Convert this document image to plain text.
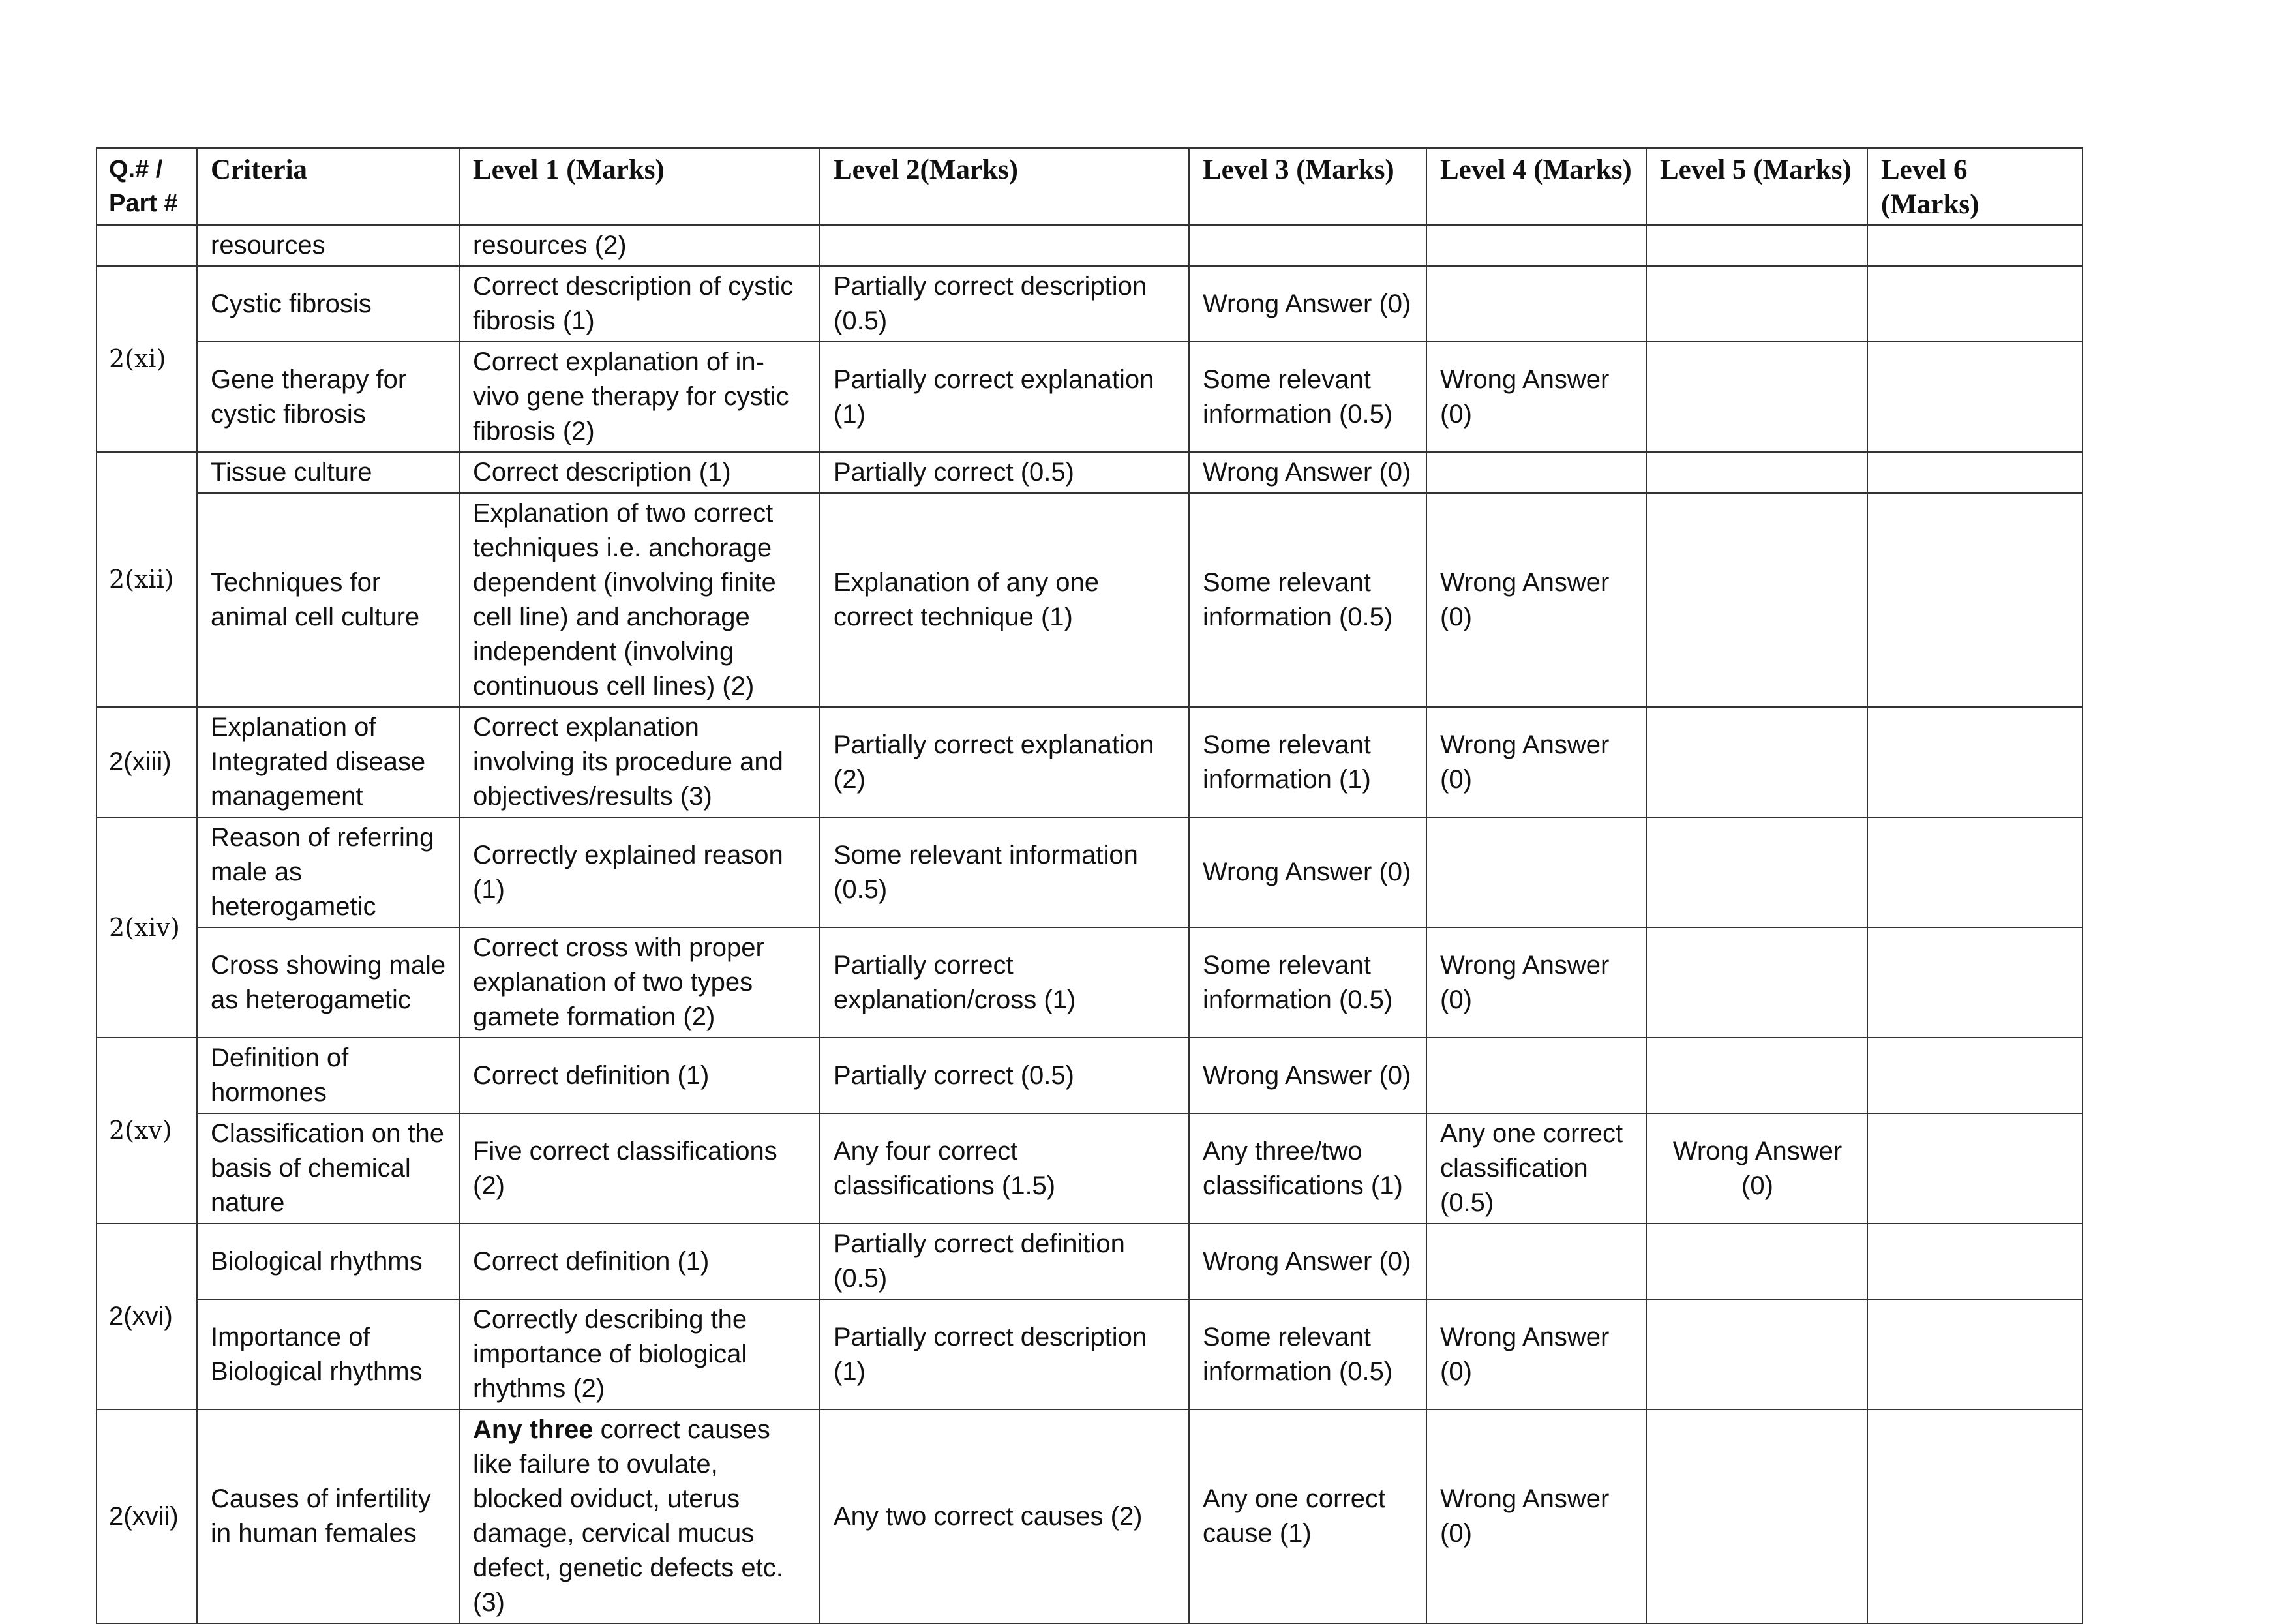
Q.# / Part #	Criteria	Level 1 (Marks)	Level 2(Marks)	Level 3 (Marks)	Level 4 (Marks)	Level 5 (Marks)	Level 6 (Marks)
	resources	resources (2)					
2(xi)	Cystic fibrosis	Correct description of cystic fibrosis (1)	Partially correct description (0.5)	Wrong Answer (0)			
	Gene therapy for cystic fibrosis	Correct explanation of in-vivo gene therapy for cystic fibrosis (2)	Partially correct explanation (1)	Some relevant information (0.5)	Wrong Answer (0)		
2(xii)	Tissue culture	Correct description (1)	Partially correct (0.5)	Wrong Answer (0)			
	Techniques for animal cell culture	Explanation of two correct techniques i.e. anchorage dependent (involving finite cell line) and anchorage independent (involving continuous cell lines) (2)	Explanation of any one correct technique (1)	Some relevant information (0.5)	Wrong Answer (0)		
2(xiii)	Explanation of Integrated disease management	Correct explanation involving its procedure and objectives/results (3)	Partially correct explanation (2)	Some relevant information (1)	Wrong Answer (0)		
2(xiv)	Reason of referring male as heterogametic	Correctly explained reason (1)	Some relevant information (0.5)	Wrong Answer (0)			
	Cross showing male as heterogametic	Correct cross with proper explanation of two types gamete formation (2)	Partially correct explanation/cross (1)	Some relevant information (0.5)	Wrong Answer (0)		
2(xv)	Definition of hormones	Correct definition (1)	Partially correct (0.5)	Wrong Answer (0)			
	Classification on the basis of chemical nature	Five correct classifications (2)	Any four correct classifications (1.5)	Any three/two classifications (1)	Any one correct classification (0.5)	Wrong Answer (0)	
2(xvi)	Biological rhythms	Correct definition (1)	Partially correct definition (0.5)	Wrong Answer (0)			
	Importance of Biological rhythms	Correctly describing the importance of biological rhythms (2)	Partially correct description (1)	Some relevant information (0.5)	Wrong Answer (0)		
2(xvii)	Causes of infertility in human females	Any three correct causes like failure to ovulate, blocked oviduct, uterus damage, cervical mucus defect, genetic defects etc. (3)	Any two correct causes (2)	Any one correct cause (1)	Wrong Answer (0)		
